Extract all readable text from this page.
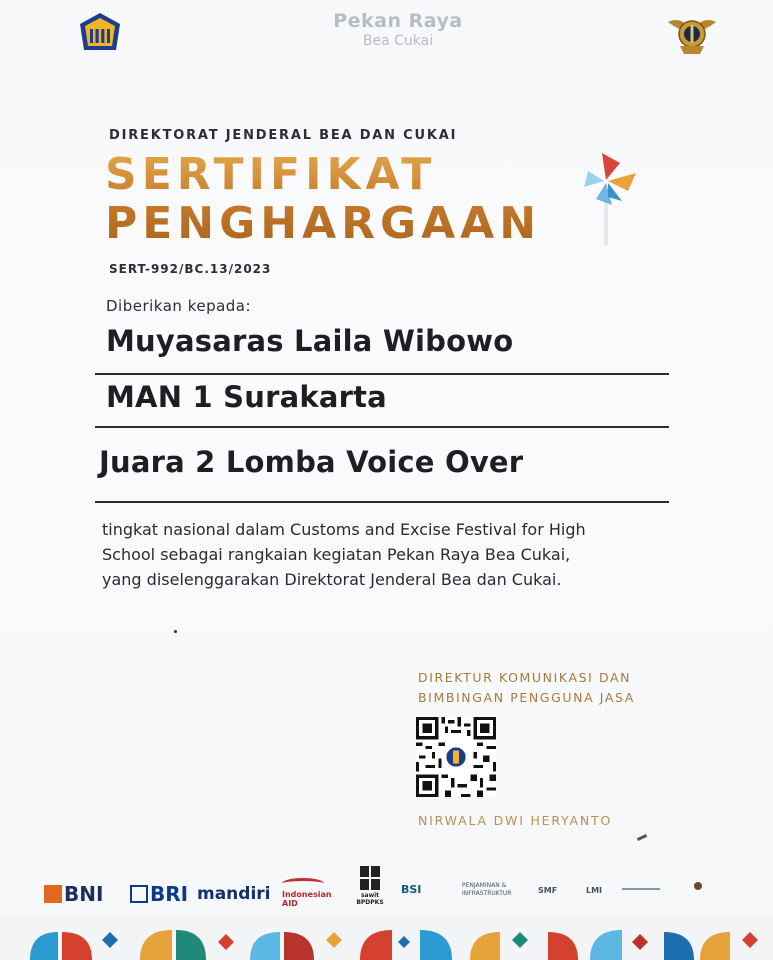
Pekan Raya
Bea Cukai
DIREKTORAT JENDERAL BEA DAN CUKAI
SERTIFIKAT
PENGHARGAAN
SERT-992/BC.13/2023
Diberikan kepada:
Muyasaras Laila Wibowo
MAN 1 Surakarta
Juara 2 Lomba Voice Over
tingkat nasional dalam Customs and Excise Festival for High
School sebagai rangkaian kegiatan Pekan Raya Bea Cukai,
yang diselenggarakan Direktorat Jenderal Bea dan Cukai.
DIREKTUR KOMUNIKASI DAN
BIMBINGAN PENGGUNA JASA
NIRWALA DWI HERYANTO
BNI	BRI mandiri Indonesian
AID
sawit
BPDPKS
BSI	PENJAMINAN &
INFRASTRUKTUR	SMF	LMI
